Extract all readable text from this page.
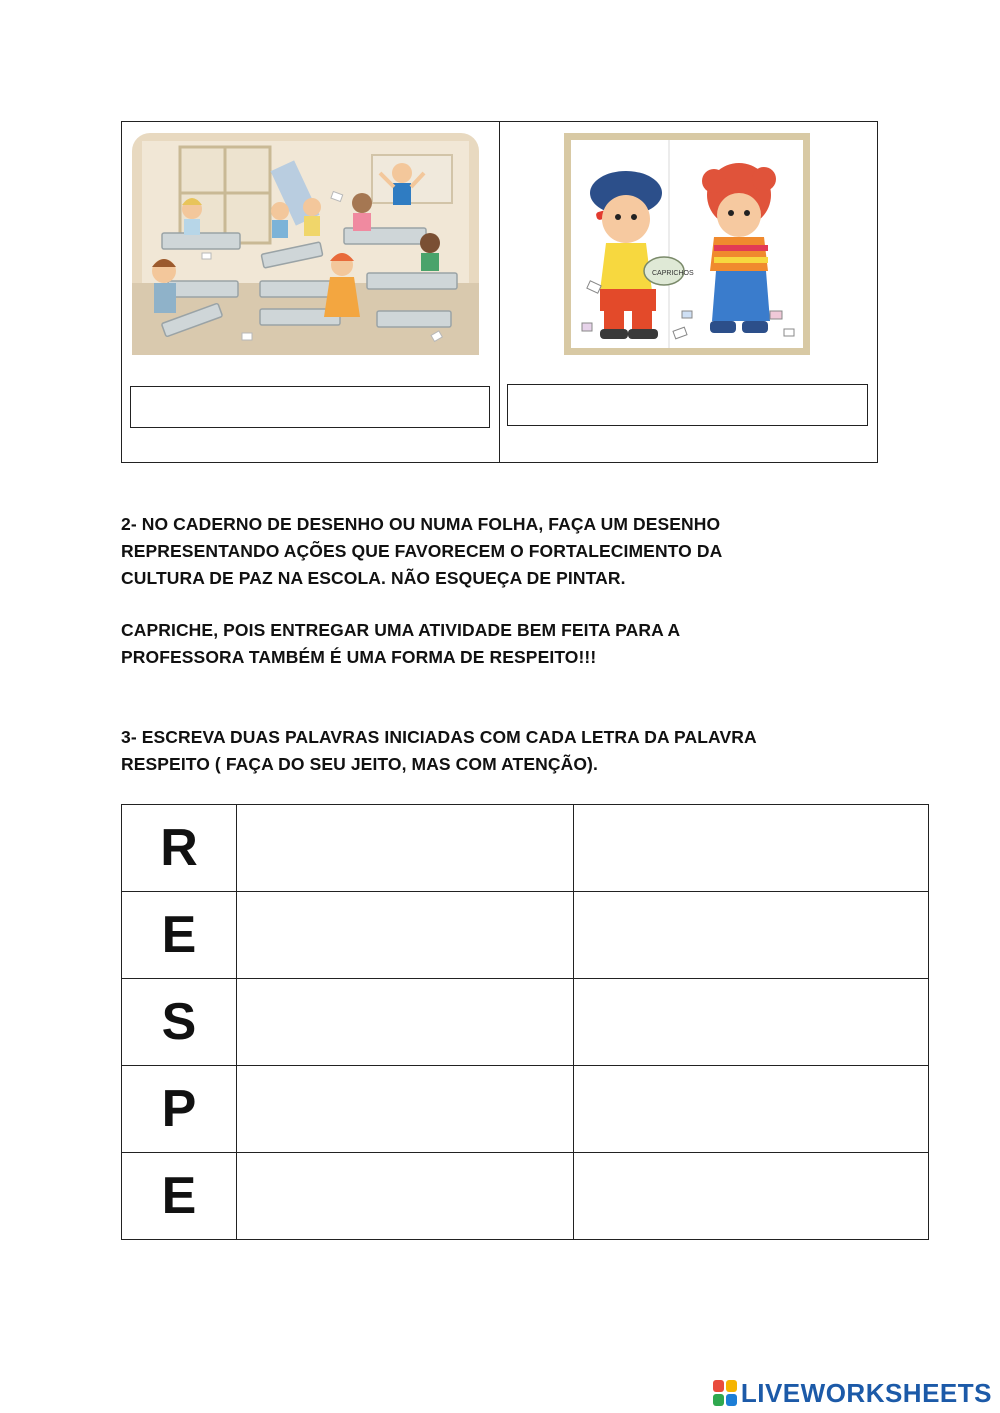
CAPRICHOS
2- NO CADERNO DE DESENHO OU NUMA FOLHA, FAÇA UM DESENHO
REPRESENTANDO AÇÕES QUE FAVORECEM O FORTALECIMENTO DA
CULTURA DE PAZ NA ESCOLA. NÃO ESQUEÇA DE PINTAR.
CAPRICHE, POIS ENTREGAR UMA ATIVIDADE BEM FEITA PARA A
PROFESSORA TAMBÉM É UMA FORMA DE RESPEITO!!!
3- ESCREVA DUAS PALAVRAS INICIADAS COM CADA LETRA DA PALAVRA
RESPEITO ( FAÇA DO SEU JEITO, MAS COM ATENÇÃO).
R		
E		
S		
P		
E		
LIVEWORKSHEETS
